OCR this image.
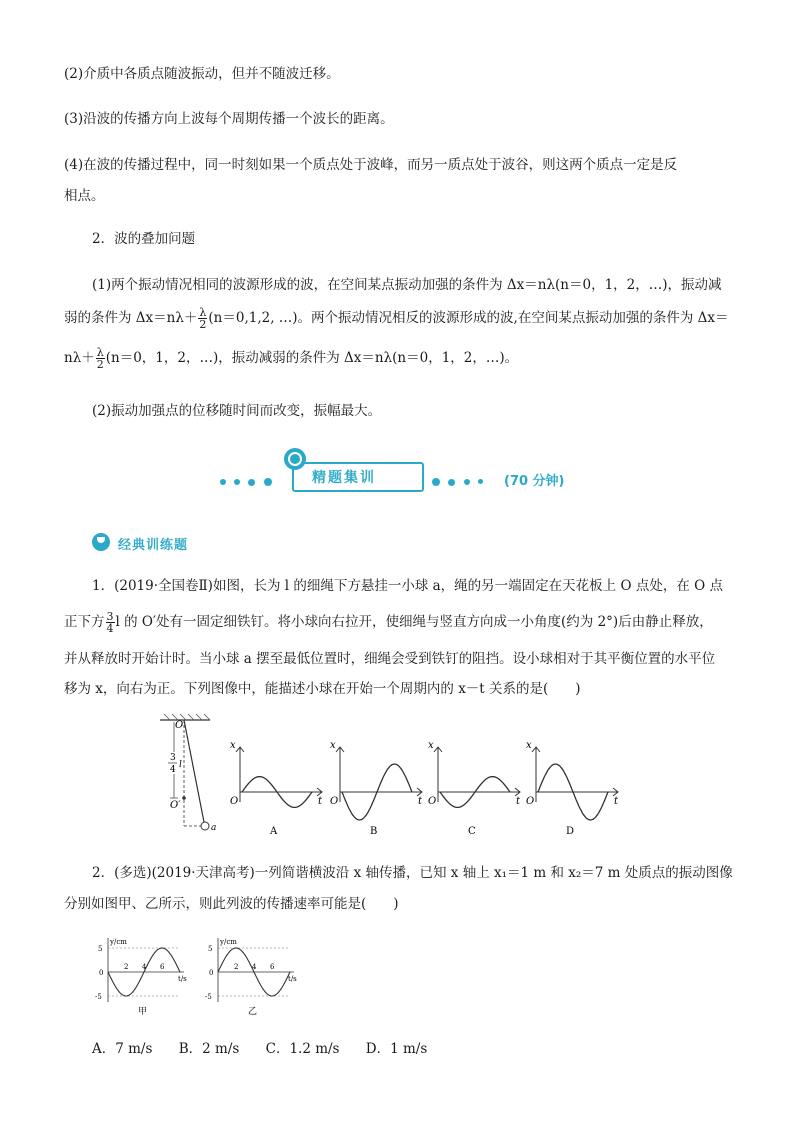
(2)介质中各质点随波振动，但并不随波迁移。
(3)沿波的传播方向上波每个周期传播一个波长的距离。
(4)在波的传播过程中，同一时刻如果一个质点处于波峰，而另一质点处于波谷，则这两个质点一定是反
相点。
2．波的叠加问题
(1)两个振动情况相同的波源形成的波，在空间某点振动加强的条件为 Δx＝nλ(n＝0，1，2，…)，振动减
弱的条件为 $\Delta x=n\lambda+ \frac{\lambda}{2} (n=0,1,2$, …)。两个振动情况相反的波源形成的波,在空间某点振动加强的条件为 Δx＝
$n\lambda+ \frac{\lambda}{2} (n=0$，1，2，…)，振动减弱的条件为 Δx＝nλ(n＝0，1，2，…)。
(2)振动加强点的位移随时间而改变，振幅最大。
精题集训	(70 分钟)
经典训练题
1．(2019·全国卷Ⅱ)如图，长为 l 的细绳下方悬挂一小球 a，绳的另一端固定在天花板上 O 点处，在 O 点
正下方 $\frac{3}{4}$ l 的 O′处有一固定细铁钉。将小球向右拉开，使细绳与竖直方向成一小角度(约为 2°)后由静止释放，
并从释放时开始计时。当小球 a 摆至最低位置时，细绳会受到铁钉的阻挡。设小球相对于其平衡位置的水平位
移为 x，向右为正。下列图像中，能描述小球在开始一个周期内的 x－t 关系的是(　　)
O
3
4 l
O′
a
x
t
O
A
x
t
O
B
x
t
O
C
x
t
O
D
2．(多选)(2019·天津高考)一列简谐横波沿 x 轴传播，已知 x 轴上 x₁＝1 m 和 x₂＝7 m 处质点的振动图像
分别如图甲、乙所示，则此列波的传播速率可能是(　　)
y/cm
5
0
-5
t/s
2 4 6
甲
y/cm
5
0
-5
t/s
2 4 6
乙
A．7 m/s B．2 m/s C．1.2 m/s D．1 m/s
